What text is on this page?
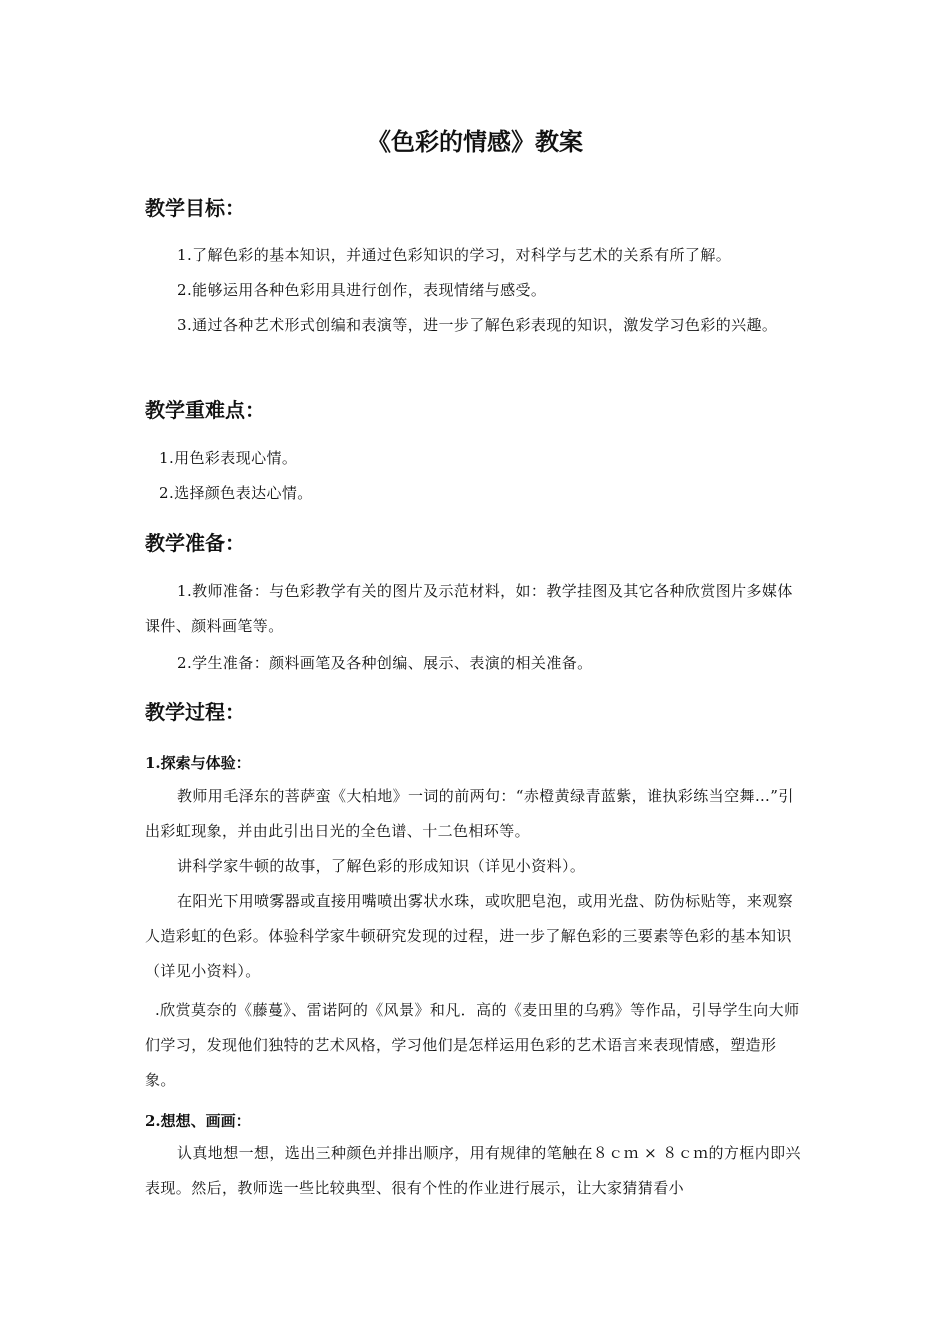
《色彩的情感》教案
教学目标：
1.了解色彩的基本知识，并通过色彩知识的学习，对科学与艺术的关系有所了解。
2.能够运用各种色彩用具进行创作，表现情绪与感受。
3.通过各种艺术形式创编和表演等，进一步了解色彩表现的知识，激发学习色彩的兴趣。
教学重难点：
1.用色彩表现心情。
2.选择颜色表达心情。
教学准备：
1.教师准备：与色彩教学有关的图片及示范材料，如：教学挂图及其它各种欣赏图片多媒体课件、颜料画笔等。
2.学生准备：颜料画笔及各种创编、展示、表演的相关准备。
教学过程：
1.探索与体验：
教师用毛泽东的菩萨蛮《大柏地》一词的前两句：“赤橙黄绿青蓝紫，谁执彩练当空舞…”引出彩虹现象，并由此引出日光的全色谱、十二色相环等。
讲科学家牛顿的故事，了解色彩的形成知识（详见小资料）。
在阳光下用喷雾器或直接用嘴喷出雾状水珠，或吹肥皂泡，或用光盘、防伪标贴等，来观察人造彩虹的色彩。体验科学家牛顿研究发现的过程，进一步了解色彩的三要素等色彩的基本知识（详见小资料）。
.欣赏莫奈的《藤蔓》、雷诺阿的《风景》和凡．高的《麦田里的乌鸦》等作品，引导学生向大师们学习，发现他们独特的艺术风格，学习他们是怎样运用色彩的艺术语言来表现情感，塑造形象。
2.想想、画画：
认真地想一想，选出三种颜色并排出顺序，用有规律的笔触在８ｃｍ × ８ｃｍ的方框内即兴表现。然后，教师选一些比较典型、很有个性的作业进行展示，让大家猜猜看小
